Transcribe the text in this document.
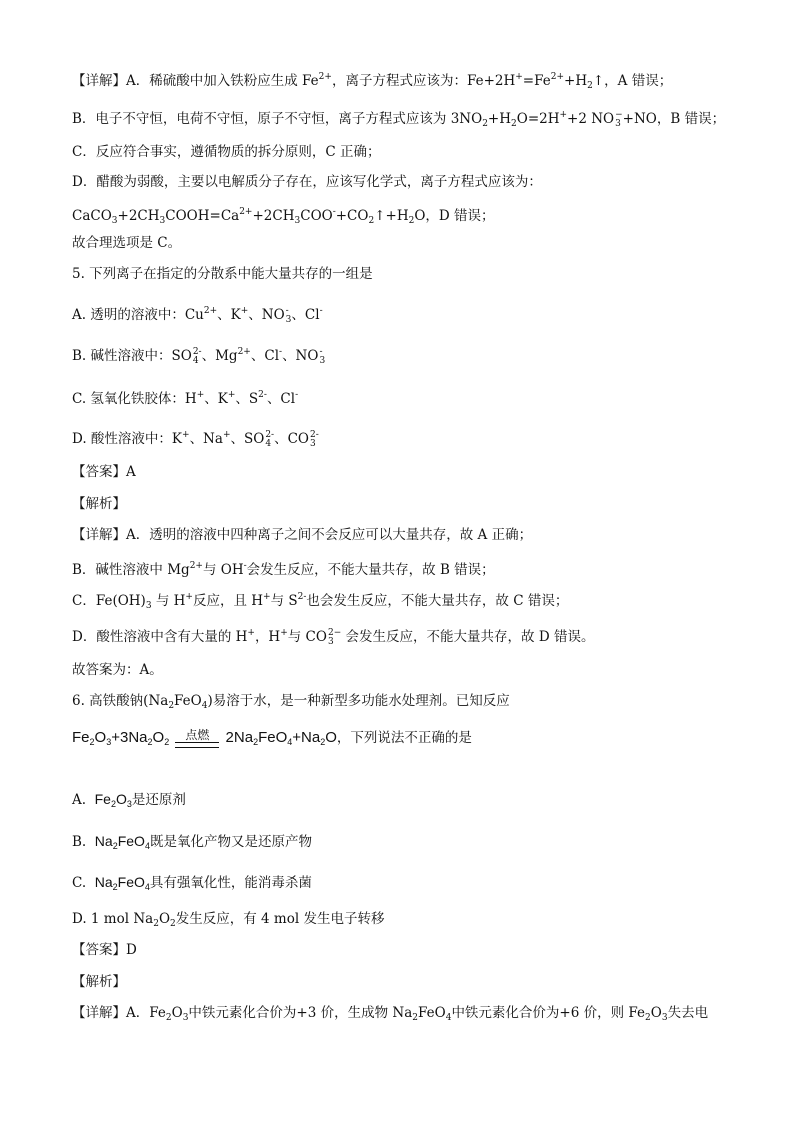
【详解】A．稀硫酸中加入铁粉应生成 $Fe^{2+}$，离子方程式应该为：$Fe+2H^+=Fe^{2+}+H_2↑$，A 错误；
B．电子不守恒，电荷不守恒，原子不守恒，离子方程式应该为 $3NO_2+H_2O=2H^++2$ NO −
3 +NO，B 错误；
C．反应符合事实，遵循物质的拆分原则，C 正确；
D．醋酸为弱酸，主要以电解质分子存在，应该写化学式，离子方程式应该为：
$CaCO_3+2CH_3COOH=Ca^{2+}+2CH_3COO^-+CO_2↑+H_2O$，D 错误；
故合理选项是 C。
5. 下列离子在指定的分散系中能大量共存的一组是
A. 透明的溶液中：$Cu^{2+}$、K+、NO -
3 、Cl-
B. 碱性溶液中：SO 2-
4 、$Mg^{2+}$、Cl-、NO -
3
C. 氢氧化铁胶体：H+、K+、$S^{2-}$、Cl-
D. 酸性溶液中：K+、Na+、SO 2-
4 、CO 2-
3
【答案】A
【解析】
【详解】A．透明的溶液中四种离子之间不会反应可以大量共存，故 A 正确；
B．碱性溶液中 $Mg^{2+}$与 OH-会发生反应，不能大量共存，故 B 错误；
C．$Fe(OH)_3$ 与 H+反应，且 H+与 $S^{2-}$也会发生反应，不能大量共存，故 C 错误；
D．酸性溶液中含有大量的 H+，H+与 CO 2−
3 会发生反应，不能大量共存，故 D 错误。
故答案为：A。
6. 高铁酸钠$(Na_2FeO_4)$易溶于水，是一种新型多功能水处理剂。已知反应
$Fe_2O_3+3Na_2O_2$ 点燃 $2Na_2FeO_4+Na_2O$，下列说法不正确的是
A.  $Fe_2O_3$是还原剂
B.  $Na_2FeO_4$既是氧化产物又是还原产物
C.  $Na_2FeO_4$具有强氧化性，能消毒杀菌
D. 1 mol $Na_2O_2$发生反应，有 4 mol 发生电子转移
【答案】D
【解析】
【详解】A．$Fe_2O_3$中铁元素化合价为+3 价，生成物 $Na_2FeO_4$中铁元素化合价为+6 价，则 $Fe_2O_3$失去电
